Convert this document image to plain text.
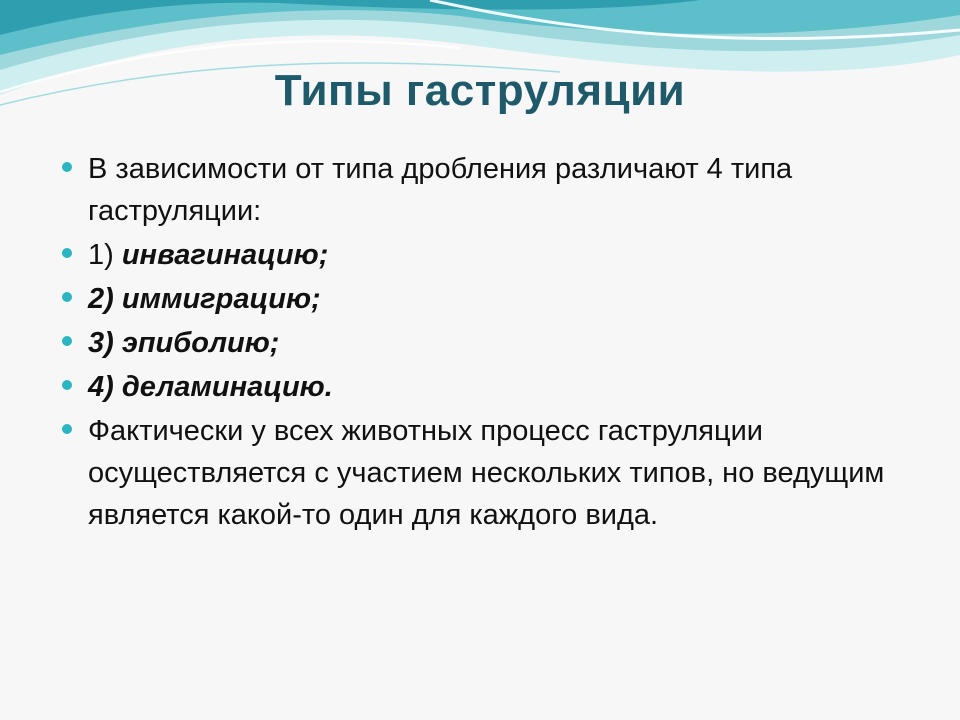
Типы гаструляции
В зависимости от типа дробления различают 4 типа гаструляции:
1) инвагинацию;
2) иммиграцию;
3) эпиболию;
4) деламинацию.
Фактически у всех животных процесс гаструляции осуществляется с участием нескольких типов, но ведущим является какой-то один для каждого вида.
